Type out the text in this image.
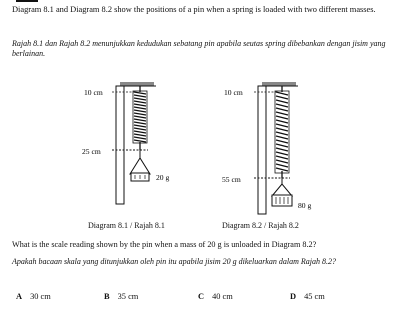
Diagram 8.1 and Diagram 8.2 show the positions of a pin when a spring is loaded with two different masses.
Rajah 8.1 dan Rajah 8.2 menunjukkan kedudukan sebatang pin apabila seutas spring dibebankan dengan jisim yang berlainan.
10 cm
25 cm
20 g
10 cm
55 cm
80 g
Diagram 8.1 / Rajah 8.1	Diagram 8.2 / Rajah 8.2
What is the scale reading shown by the pin when a mass of 20 g is unloaded in Diagram 8.2?
Apakah bacaan skala yang ditunjukkan oleh pin itu apabila jisim 20 g dikeluarkan dalam Rajah 8.2?
A 30 cm	B 35 cm	C 40 cm	D 45 cm
